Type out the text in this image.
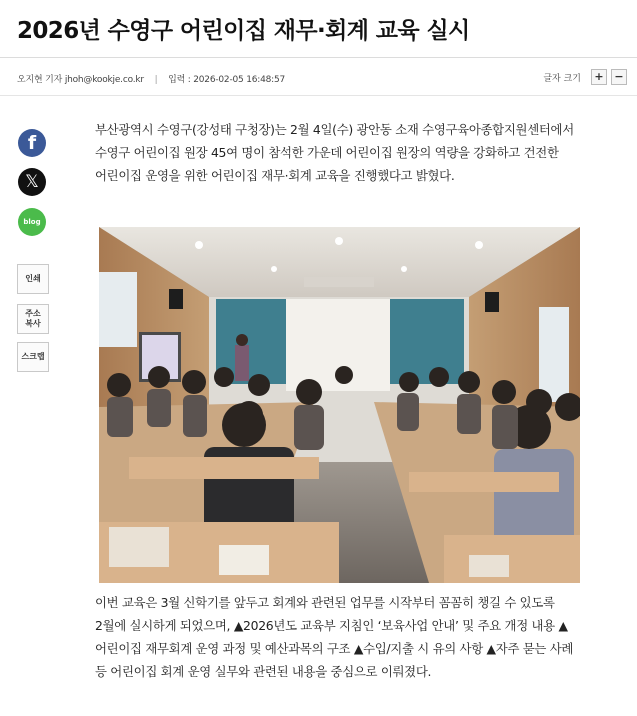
2026년 수영구 어린이집 재무·회계 교육 실시
오지현 기자 jhoh@kookje.co.kr | 입력 : 2026-02-05 16:48:57	글자 크기	+ −
f
𝕏
blog
인쇄
주소
복사
스크랩

부산광역시 수영구(강성태 구청장)는 2월 4일(수) 광안동 소재 수영구육아종합지원센터에서 수영구 어린이집 원장 45여 명이 참석한 가운데 어린이집 원장의 역량을 강화하고 건전한 어린이집 운영을 위한 어린이집 재무·회계 교육을 진행했다고 밝혔다.

이번 교육은 3월 신학기를 앞두고 회계와 관련된 업무를 시작부터 꼼꼼히 챙길 수 있도록 2월에 실시하게 되었으며, ▲2026년도 교육부 지침인 ‘보육사업 안내’ 및 주요 개정 내용 ▲어린이집 재무회계 운영 과정 및 예산과목의 구조 ▲수입/지출 시 유의 사항 ▲자주 묻는 사례 등 어린이집 회계 운영 실무와 관련된 내용을 중심으로 이뤄졌다.
